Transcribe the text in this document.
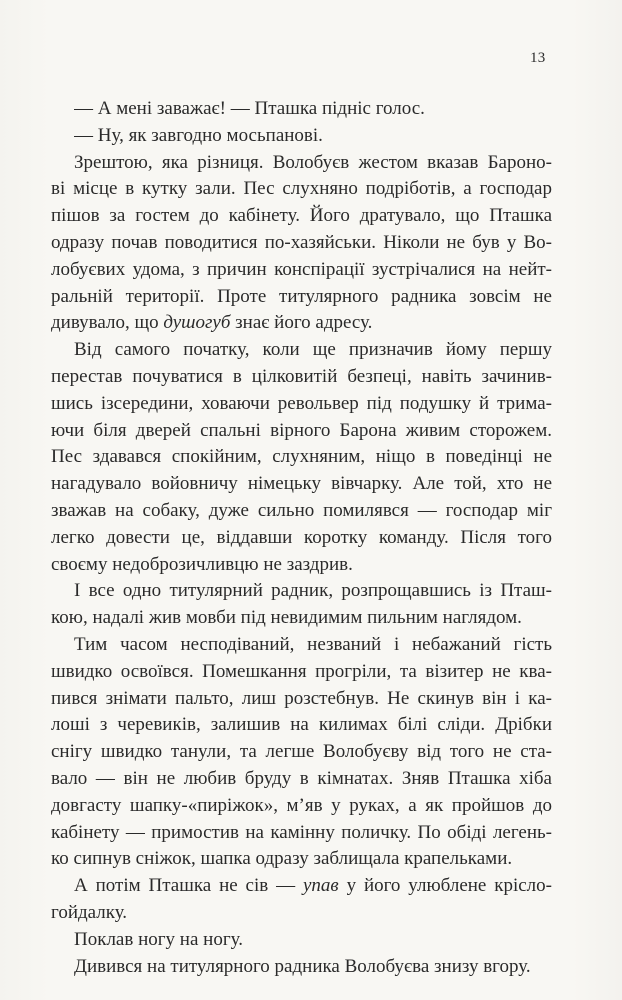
13
— А мені заважає! — Пташка підніс голос.
— Ну, як завгодно мосьпанові.
Зрештою, яка різниця. Волобуєв жестом вказав Бароно-
ві місце в кутку зали. Пес слухняно подріботів, а господар
пішов за гостем до кабінету. Його дратувало, що Пташка
одразу почав поводитися по-хазяйськи. Ніколи не був у Во-
лобуєвих удома, з причин конспірації зустрічалися на нейт-
ральній території. Проте титулярного радника зовсім не
дивувало, що душогуб знає його адресу.
Від самого початку, коли ще призначив йому першу
перестав почуватися в цілковитій безпеці, навіть зачинив-
шись ізсередини, ховаючи револьвер під подушку й трима-
ючи біля дверей спальні вірного Барона живим сторожем.
Пес здавався спокійним, слухняним, ніщо в поведінці не
нагадувало войовничу німецьку вівчарку. Але той, хто не
зважав на собаку, дуже сильно помилявся — господар міг
легко довести це, віддавши коротку команду. Після того
своєму недоброзичливцю не заздрив.
І все одно титулярний радник, розпрощавшись із Пташ-
кою, надалі жив мовби під невидимим пильним наглядом.
Тим часом несподіваний, незваний і небажаний гість
швидко освоївся. Помешкання прогріли, та візитер не ква-
пився знімати пальто, лиш розстебнув. Не скинув він і ка-
лоші з черевиків, залишив на килимах білі сліди. Дрібки
снігу швидко танули, та легше Волобуєву від того не ста-
вало — він не любив бруду в кімнатах. Зняв Пташка хіба
довгасту шапку-«пиріжок», м’яв у руках, а як пройшов до
кабінету — примостив на камінну поличку. По обіді легень-
ко сипнув сніжок, шапка одразу заблищала крапельками.
А потім Пташка не сів — упав у його улюблене крісло-
гойдалку.
Поклав ногу на ногу.
Дивився на титулярного радника Волобуєва знизу вгору.
